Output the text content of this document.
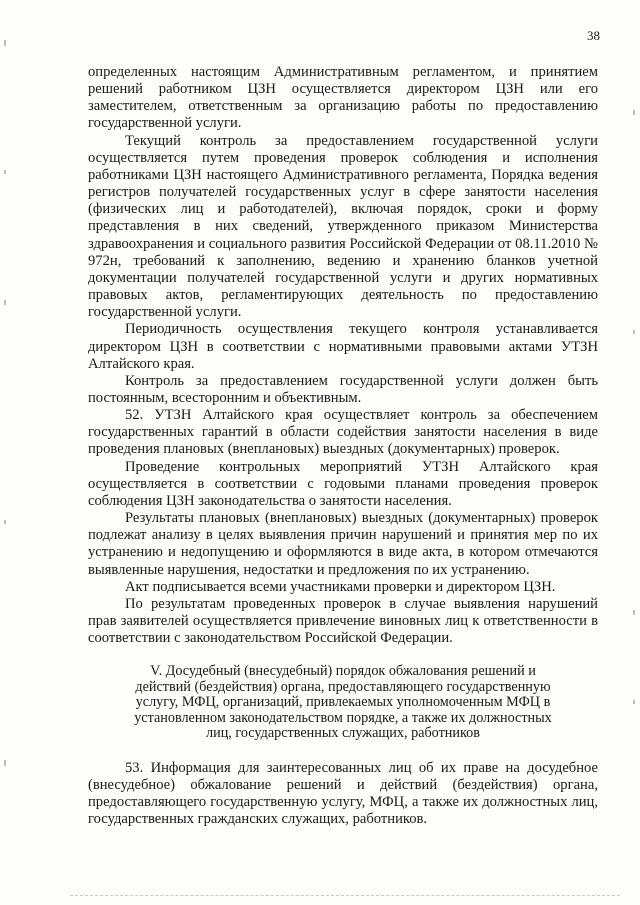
38

определенных настоящим Административным регламентом, и принятием решений работником ЦЗН осуществляется директором ЦЗН или его заместителем, ответственным за организацию работы по предоставлению государственной услуги.

Текущий контроль за предоставлением государственной услуги осуществляется путем проведения проверок соблюдения и исполнения работниками ЦЗН настоящего Административного регламента, Порядка ведения регистров получателей государственных услуг в сфере занятости населения (физических лиц и работодателей), включая порядок, сроки и форму представления в них сведений, утвержденного приказом Министерства здравоохранения и социального развития Российской Федерации от 08.11.2010 № 972н, требований к заполнению, ведению и хранению бланков учетной документации получателей государственной услуги и других нормативных правовых актов, регламентирующих деятельность по предоставлению государственной услуги.

Периодичность осуществления текущего контроля устанавливается директором ЦЗН в соответствии с нормативными правовыми актами УТЗН Алтайского края.

Контроль за предоставлением государственной услуги должен быть постоянным, всесторонним и объективным.

52. УТЗН Алтайского края осуществляет контроль за обеспечением государственных гарантий в области содействия занятости населения в виде проведения плановых (внеплановых) выездных (документарных) проверок.

Проведение контрольных мероприятий УТЗН Алтайского края осуществляется в соответствии с годовыми планами проведения проверок соблюдения ЦЗН законодательства о занятости населения.

Результаты плановых (внеплановых) выездных (документарных) проверок подлежат анализу в целях выявления причин нарушений и принятия мер по их устранению и недопущению и оформляются в виде акта, в котором отмечаются выявленные нарушения, недостатки и предложения по их устранению.

Акт подписывается всеми участниками проверки и директором ЦЗН.

По результатам проведенных проверок в случае выявления нарушений прав заявителей осуществляется привлечение виновных лиц к ответственности в соответствии с законодательством Российской Федерации.

V. Досудебный (внесудебный) порядок обжалования решений и действий (бездействия) органа, предоставляющего государственную услугу, МФЦ, организаций, привлекаемых уполномоченным МФЦ в установленном законодательством порядке, а также их должностных лиц, государственных служащих, работников

53. Информация для заинтересованных лиц об их праве на досудебное (внесудебное) обжалование решений и действий (бездействия) органа, предоставляющего государственную услугу, МФЦ, а также их должностных лиц, государственных гражданских служащих, работников.
